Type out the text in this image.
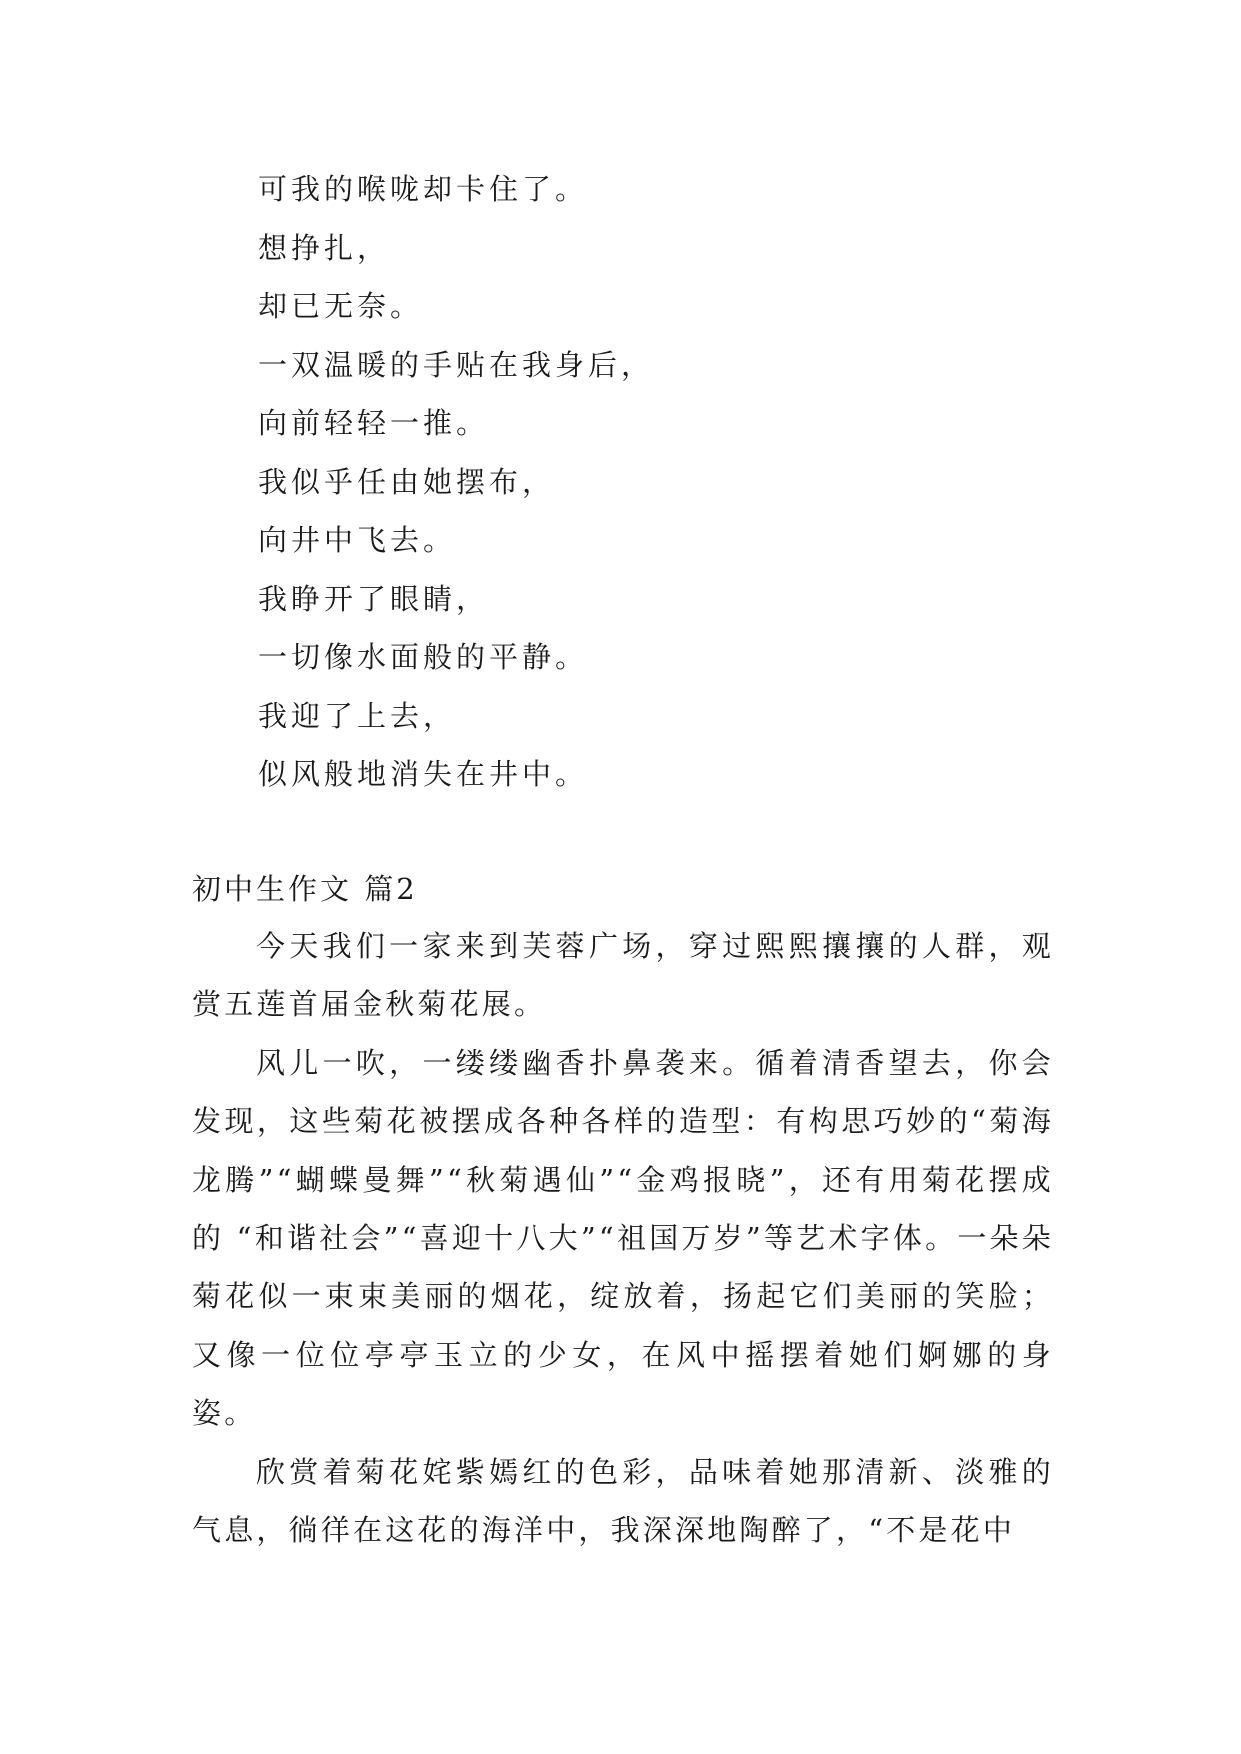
可我的喉咙却卡住了。
想挣扎，
却已无奈。
一双温暖的手贴在我身后，
向前轻轻一推。
我似乎任由她摆布，
向井中飞去。
我睁开了眼睛，
一切像水面般的平静。
我迎了上去，
似风般地消失在井中。
初中生作文 篇2

今天我们一家来到芙蓉广场，穿过熙熙攘攘的人群，观赏五莲首届金秋菊花展。

风儿一吹，一缕缕幽香扑鼻袭来。循着清香望去，你会发现，这些菊花被摆成各种各样的造型：有构思巧妙的“菊海龙腾”“蝴蝶曼舞”“秋菊遇仙”“金鸡报晓”，还有用菊花摆成的 “和谐社会”“喜迎十八大”“祖国万岁”等艺术字体。一朵朵菊花似一束束美丽的烟花，绽放着，扬起它们美丽的笑脸；又像一位位亭亭玉立的少女，在风中摇摆着她们婀娜的身姿。

欣赏着菊花姹紫嫣红的色彩，品味着她那清新、淡雅的气息，徜徉在这花的海洋中，我深深地陶醉了，“不是花中
